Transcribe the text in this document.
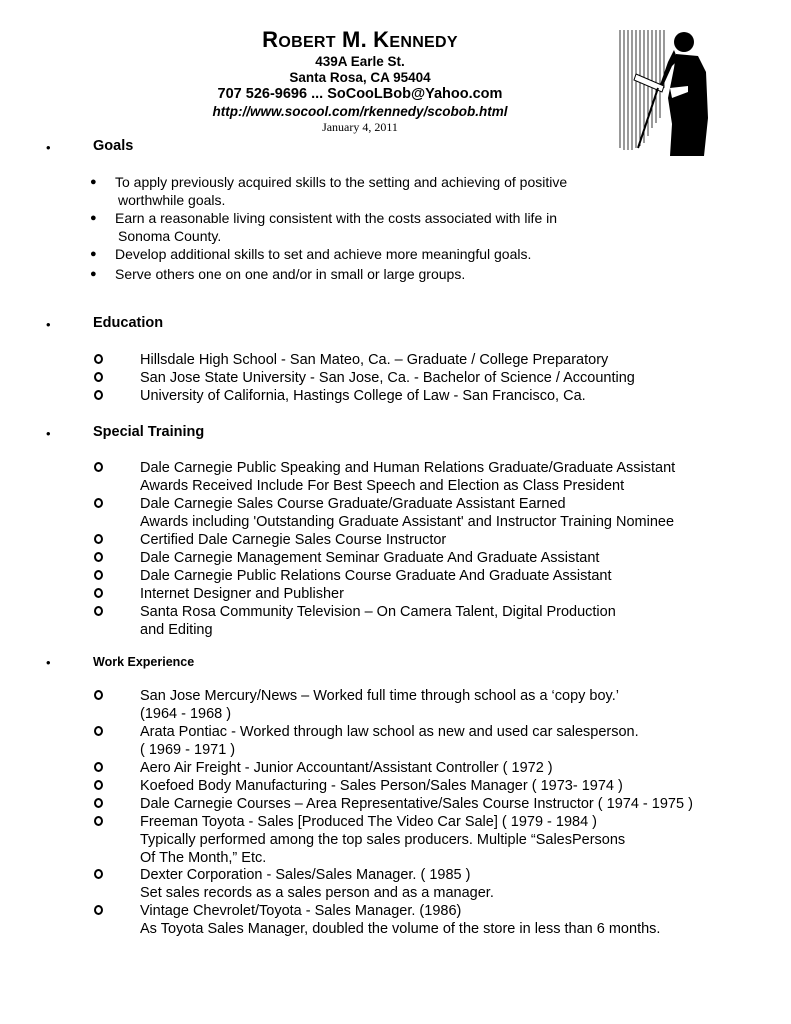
ROBERT M. KENNEDY
439A Earle St.
Santa Rosa, CA 95404
707 526-9696 ... SoCooLBob@Yahoo.com
http://www.socool.com/rkennedy/scobob.html
January 4, 2011
•	Goals
● To apply previously acquired skills to the setting and achieving of positive
worthwhile goals.
● Earn a reasonable living consistent with the costs associated with life in
Sonoma County.
● Develop additional skills to set and achieve more meaningful goals.
● Serve others one on one and/or in small or large groups.
•	Education
Hillsdale High School - San Mateo, Ca. – Graduate / College Preparatory
San Jose State University - San Jose, Ca. - Bachelor of Science / Accounting
University of California, Hastings College of Law - San Francisco, Ca.
•	Special Training
Dale Carnegie Public Speaking and Human Relations Graduate/Graduate Assistant
Awards Received Include For Best Speech and Election as Class President
Dale Carnegie Sales Course Graduate/Graduate Assistant Earned
Awards including 'Outstanding Graduate Assistant' and Instructor Training Nominee
Certified Dale Carnegie Sales Course Instructor
Dale Carnegie Management Seminar Graduate And Graduate Assistant
Dale Carnegie Public Relations Course Graduate And Graduate Assistant
Internet Designer and Publisher
Santa Rosa Community Television – On Camera Talent, Digital Production
and Editing
•	Work Experience
San Jose Mercury/News – Worked full time through school as a ‘copy boy.’
(1964 - 1968 )
Arata Pontiac - Worked through law school as new and used car salesperson.
( 1969 - 1971 )
Aero Air Freight - Junior Accountant/Assistant Controller ( 1972 )
Koefoed Body Manufacturing - Sales Person/Sales Manager ( 1973- 1974 )
Dale Carnegie Courses – Area Representative/Sales Course Instructor ( 1974 - 1975 )
Freeman Toyota - Sales [Produced The Video Car Sale] ( 1979 - 1984 )
Typically performed among the top sales producers. Multiple “SalesPersons
Of The Month,” Etc.
Dexter Corporation - Sales/Sales Manager. ( 1985 )
Set sales records as a sales person and as a manager.
Vintage Chevrolet/Toyota - Sales Manager. (1986)
As Toyota Sales Manager, doubled the volume of the store in less than 6 months.
